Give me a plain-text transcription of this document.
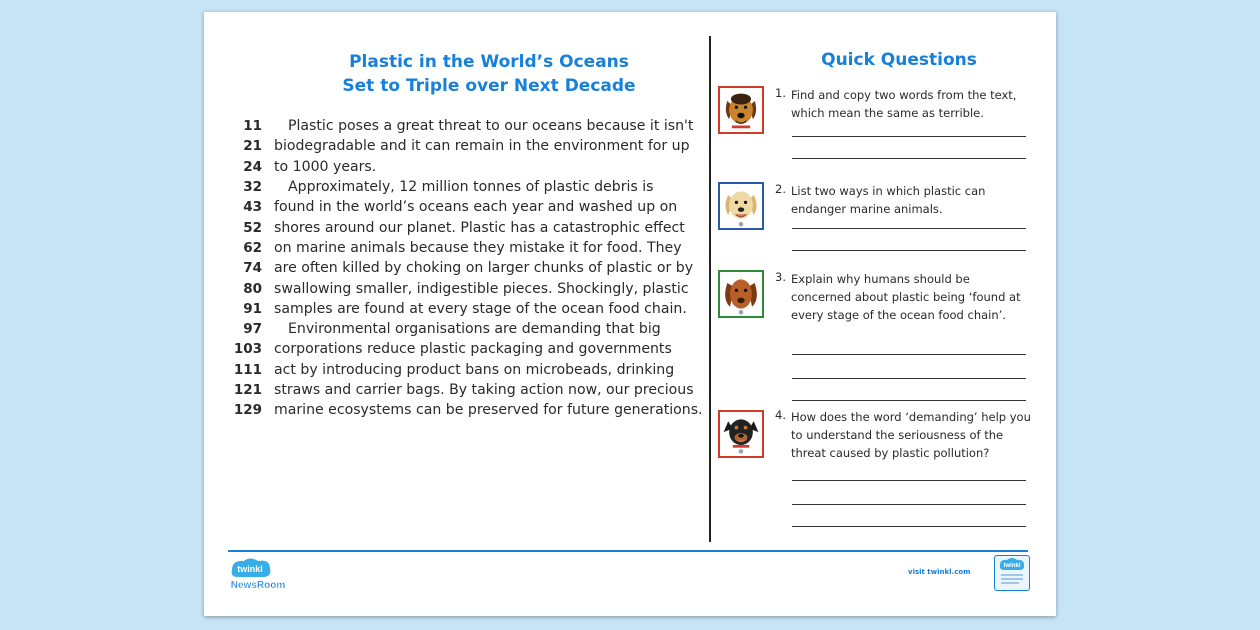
Plastic in the World’s Oceans
Set to Triple over Next Decade
11	Plastic poses a great threat to our oceans because it isn't
21 biodegradable and it can remain in the environment for up
24 to 1000 years.
32	Approximately, 12 million tonnes of plastic debris is
43 found in the world’s oceans each year and washed up on
52 shores around our planet. Plastic has a catastrophic effect
62 on marine animals because they mistake it for food. They
74 are often killed by choking on larger chunks of plastic or by
80 swallowing smaller, indigestible pieces. Shockingly, plastic
91 samples are found at every stage of the ocean food chain.
97	Environmental organisations are demanding that big
103 corporations reduce plastic packaging and governments
111 act by introducing product bans on microbeads, drinking
121 straws and carrier bags. By taking action now, our precious
129 marine ecosystems can be preserved for future generations.
Quick Questions
1. Find and copy two words from the text, which mean the same as terrible.
2. List two ways in which plastic can endanger marine animals.
3. Explain why humans should be concerned about plastic being ‘found at every stage of the ocean food chain’.
4. How does the word ‘demanding’ help you to understand the seriousness of the threat caused by plastic pollution?
twinkl
NewsRoom
visit twinkl.com
twinkl
